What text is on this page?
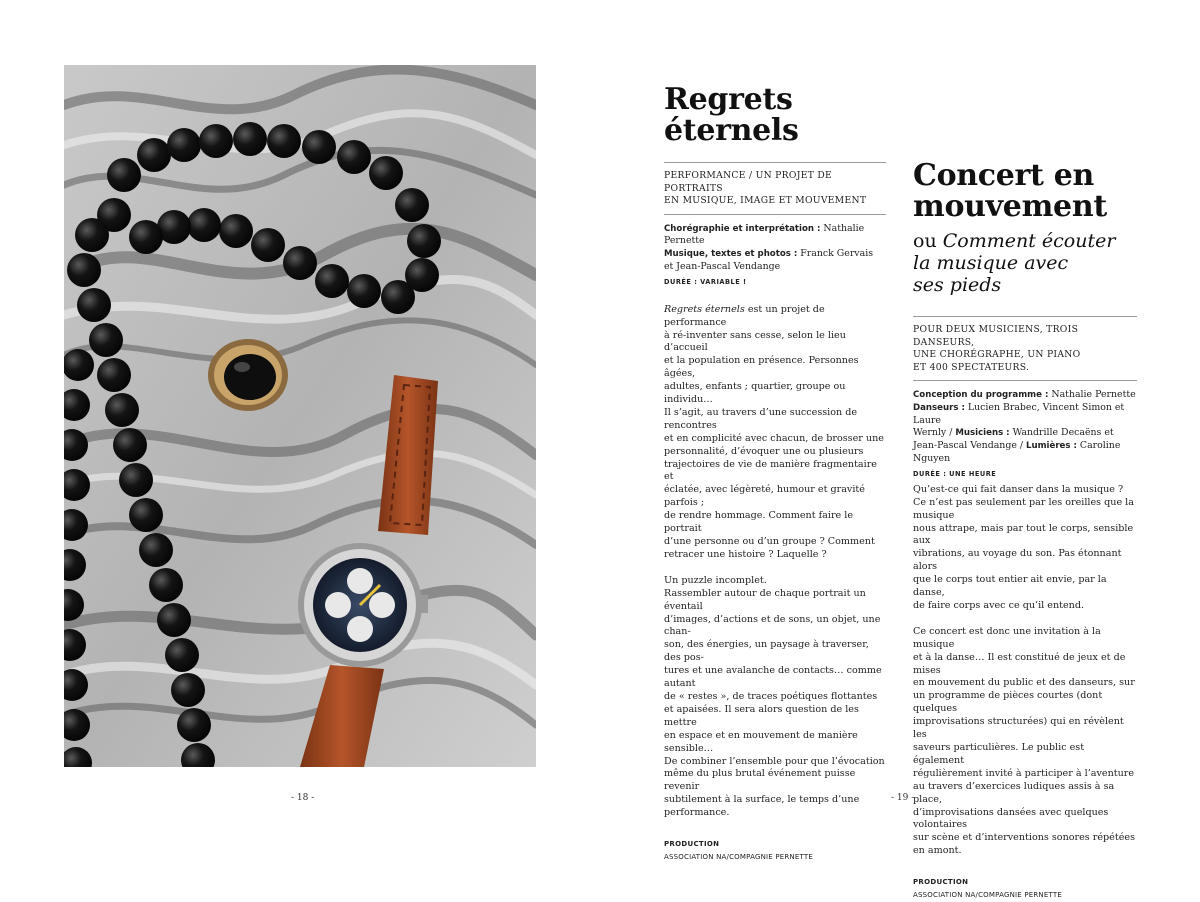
- 18 -
Regrets
éternels
PERFORMANCE / UN PROJET DE PORTRAITS
EN MUSIQUE, IMAGE ET MOUVEMENT
Chorégraphie et interprétation : Nathalie Pernette
Musique, textes et photos : Franck Gervais
et Jean-Pascal Vendange
DURÉE : VARIABLE !

Regrets éternels est un projet de performance
à ré-inventer sans cesse, selon le lieu d’accueil
et la population en présence. Personnes âgées,
adultes, enfants ; quartier, groupe ou individu…
Il s’agit, au travers d’une succession de rencontres
et en complicité avec chacun, de brosser une
personnalité, d’évoquer une ou plusieurs
trajectoires de vie de manière fragmentaire et
éclatée, avec légèreté, humour et gravité parfois ;
de rendre hommage. Comment faire le portrait
d’une personne ou d’un groupe ? Comment
retracer une histoire ? Laquelle ?

Un puzzle incomplet.
Rassembler autour de chaque portrait un éventail
d’images, d’actions et de sons, un objet, une chan-
son, des énergies, un paysage à traverser, des pos-
tures et une avalanche de contacts… comme autant
de « restes », de traces poétiques flottantes
et apaisées. Il sera alors question de les mettre
en espace et en mouvement de manière sensible…
De combiner l’ensemble pour que l’évocation
même du plus brutal événement puisse revenir
subtilement à la surface, le temps d’une
performance.

PRODUCTION
ASSOCIATION NA/COMPAGNIE PERNETTE
Concert en
mouvement
ou Comment écouter
la musique avec
ses pieds
POUR DEUX MUSICIENS, TROIS DANSEURS,
UNE CHORÉGRAPHE, UN PIANO
ET 400 SPECTATEURS.
Conception du programme : Nathalie Pernette
Danseurs : Lucien Brabec, Vincent Simon et Laure
Wernly / Musiciens : Wandrille Decaëns et
Jean-Pascal Vendange / Lumières : Caroline
Nguyen
DURÉE : UNE HEURE

Qu’est-ce qui fait danser dans la musique ?
Ce n’est pas seulement par les oreilles que la musique
nous attrape, mais par tout le corps, sensible aux
vibrations, au voyage du son. Pas étonnant alors
que le corps tout entier ait envie, par la danse,
de faire corps avec ce qu’il entend.

Ce concert est donc une invitation à la musique
et à la danse… Il est constitué de jeux et de mises
en mouvement du public et des danseurs, sur
un programme de pièces courtes (dont quelques
improvisations structurées) qui en révèlent les
saveurs particulières. Le public est également
régulièrement invité à participer à l’aventure
au travers d’exercices ludiques assis à sa place,
d’improvisations dansées avec quelques volontaires
sur scène et d’interventions sonores répétées
en amont.

PRODUCTION
ASSOCIATION NA/COMPAGNIE PERNETTE
- 19 -
